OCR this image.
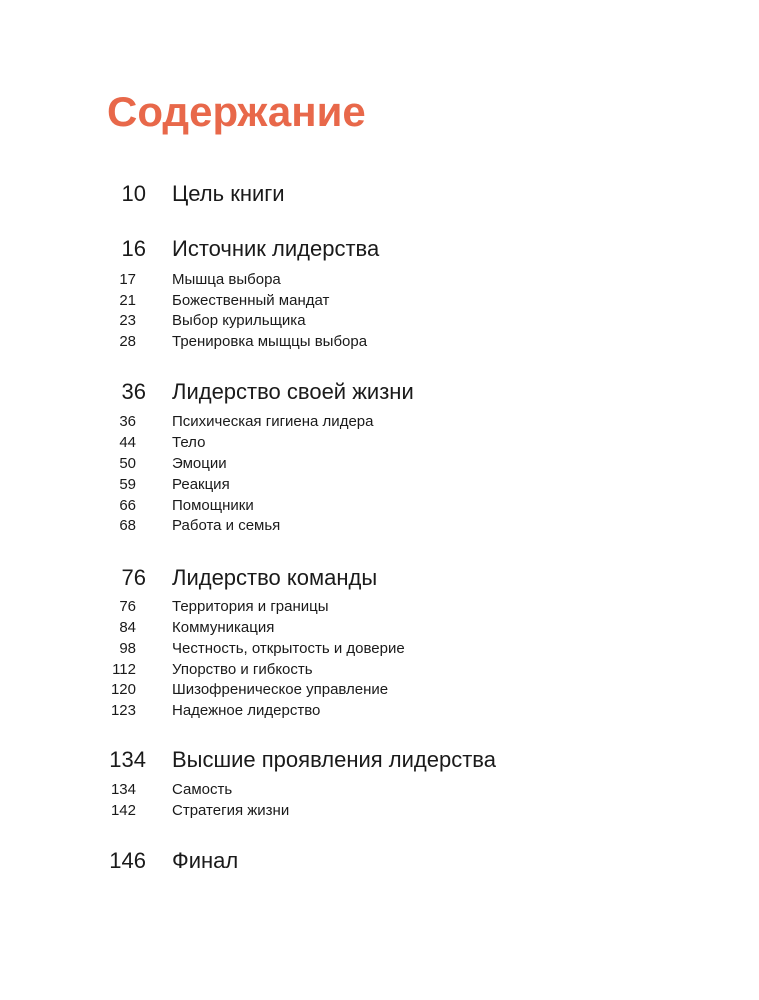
Содержание
10 Цель книги
16 Источник лидерства
17 Мышца выбора
21 Божественный мандат
23 Выбор курильщика
28 Тренировка мыщцы выбора
36 Лидерство своей жизни
36 Психическая гигиена лидера
44 Тело
50 Эмоции
59 Реакция
66 Помощники
68 Работа и семья
76 Лидерство команды
76 Территория и границы
84 Коммуникация
98 Честность, открытость и доверие
112 Упорство и гибкость
120 Шизофреническое управление
123 Надежное лидерство
134 Высшие проявления лидерства
134 Самость
142 Стратегия жизни
146 Финал
